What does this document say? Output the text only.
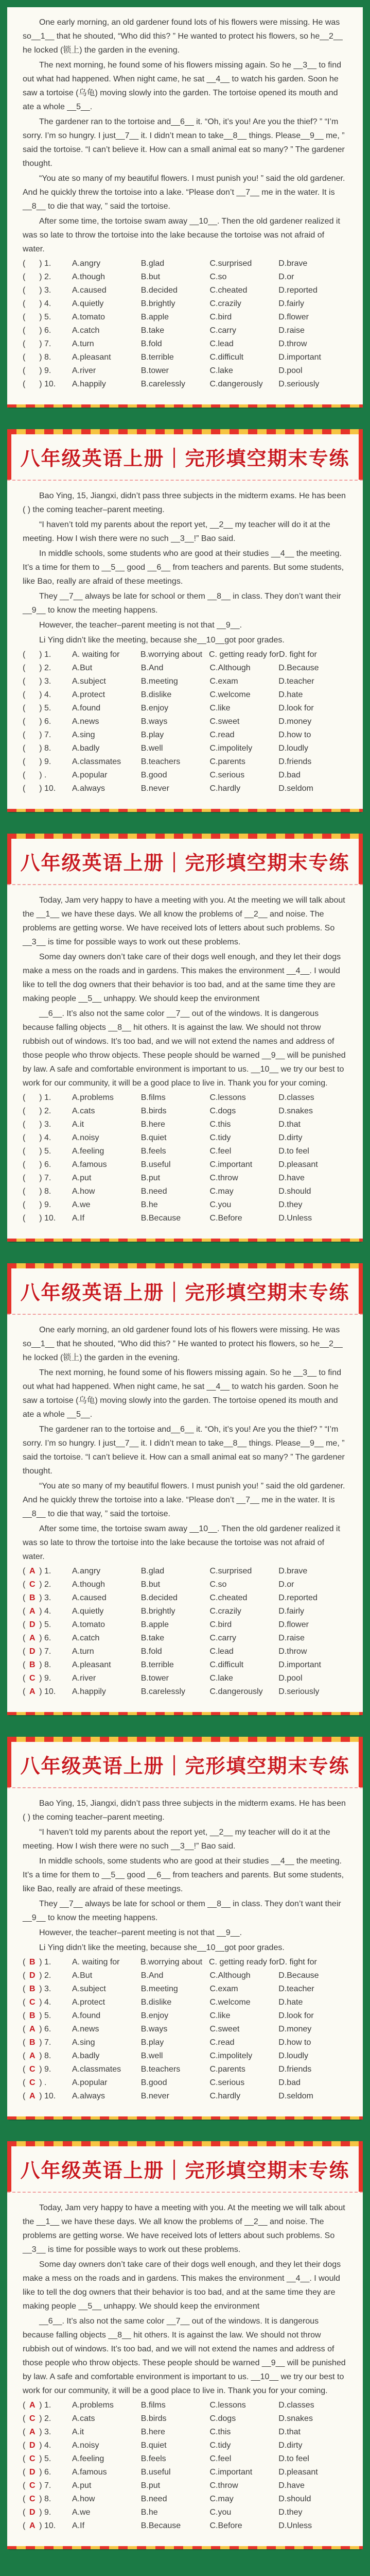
One early morning, an old gardener found lots of his flowers were missing. He was so__1__ that he shouted, “Who did this? ” He wanted to protect his flowers, so he__2__ he locked (锁上) the garden in the evening.

The next morning, he found some of his flowers missing again. So he __3__ to find out what had happened. When night came, he sat __4__ to watch his garden. Soon he saw a tortoise (乌龟) moving slowly into the garden. The tortoise opened its mouth and ate a whole __5__.

The gardener ran to the tortoise and__6__ it. “Oh, it’s you! Are you the thief? ” “I’m sorry. I’m so hungry. I just__7__ it. I didn’t mean to take__8__ things. Please__9__ me, ” said the tortoise. “I can’t believe it. How can a small animal eat so many? ” The gardener thought.

“You ate so many of my beautiful flowers. I must punish you! ” said the old gardener. And he quickly threw the tortoise into a lake. “Please don’t __7__ me in the water. It is __8__ to die that way, ” said the tortoise.

After some time, the tortoise swam away __10__. Then the old gardener realized it was so late to throw the tortoise into the lake because the tortoise was not afraid of water.

(  ) 1.	A.angry	B.glad	C.surprised	D.brave
(  ) 2.	A.though	B.but	C.so	D.or
(  ) 3.	A.caused	B.decided	C.cheated	D.reported
(  ) 4.	A.quietly	B.brightly	C.crazily	D.fairly
(  ) 5.	A.tomato	B.apple	C.bird	D.flower
(  ) 6.	A.catch	B.take	C.carry	D.raise
(  ) 7.	A.turn	B.fold	C.lead	D.throw
(  ) 8.	A.pleasant	B.terrible	C.difficult	D.important
(  ) 9.	A.river	B.tower	C.lake	D.pool
(  ) 10.	A.happily	B.carelessly	C.dangerously	D.seriously
八年级英语上册｜完形填空期末专练

Bao Ying, 15, Jiangxi, didn’t pass three subjects in the midterm exams. He has been ( ) the coming teacher–parent meeting.

“I haven’t told my parents about the report yet, __2__ my teacher will do it at the meeting. How I wish there were no such __3__!” Bao said.

In middle schools, some students who are good at their studies __4__ the meeting. It’s a time for them to __5__ good __6__ from teachers and parents. But some students, like Bao, really are afraid of these meetings.

They __7__ always be late for school or them __8__ in class. They don’t want their __9__ to know the meeting happens.

However, the teacher–parent meeting is not that __9__.

Li Ying didn’t like the meeting, because she__10__got poor grades.

(  ) 1.	A. waiting for	B.worrying about C. getting ready for D. fight for
(  ) 2.	A.But	B.And	C.Although	D.Because
(  ) 3.	A.subject	B.meeting	C.exam	D.teacher
(  ) 4.	A.protect	B.dislike	C.welcome	D.hate
(  ) 5.	A.found	B.enjoy	C.like	D.look for
(  ) 6.	A.news	B.ways	C.sweet	D.money
(  ) 7.	A.sing	B.play	C.read	D.how to
(  ) 8.	A.badly	B.well	C.impolitely	D.loudly
(  ) 9.	A.classmates	B.teachers	C.parents	D.friends
(  ) .	A.popular	B.good	C.serious	D.bad
(  ) 10.	A.always	B.never	C.hardly	D.seldom
八年级英语上册｜完形填空期末专练

Today, Jam very happy to have a meeting with you. At the meeting we will talk about the __1__ we have these days. We all know the problems of __2__ and noise. The problems are getting worse. We have received lots of letters about such problems. So __3__ is time for possible ways to work out these problems.

Some day owners don’t take care of their dogs well enough, and they let their dogs make a mess on the roads and in gardens. This makes the environment __4__. I would like to tell the dog owners that their behavior is too bad, and at the same time they are making people __5__ unhappy. We should keep the environment

__6__. It’s also not the same color __7__ out of the windows. It is dangerous because falling objects __8__ hit others. It is against the law. We should not throw rubbish out of windows. It’s too bad, and we will not extend the names and address of those people who throw objects. These people should be warned __9__ will be punished by law. A safe and comfortable environment is important to us. __10__ we try our best to work for our community, it will be a good place to live in. Thank you for your coming.

(  ) 1.	A.problems	B.films	C.lessons	D.classes
(  ) 2.	A.cats	B.birds	C.dogs	D.snakes
(  ) 3.	A.it	B.here	C.this	D.that
(  ) 4.	A.noisy	B.quiet	C.tidy	D.dirty
(  ) 5.	A.feeling	B.feels	C.feel	D.to feel
(  ) 6.	A.famous	B.useful	C.important	D.pleasant
(  ) 7.	A.put	B.put	C.throw	D.have
(  ) 8.	A.how	B.need	C.may	D.should
(  ) 9.	A.we	B.he	C.you	D.they
(  ) 10.	A.If	B.Because	C.Before	D.Unless
八年级英语上册｜完形填空期末专练

One early morning, an old gardener found lots of his flowers were missing. He was so__1__ that he shouted, “Who did this? ” He wanted to protect his flowers, so he__2__ he locked (锁上) the garden in the evening.

The next morning, he found some of his flowers missing again. So he __3__ to find out what had happened. When night came, he sat __4__ to watch his garden. Soon he saw a tortoise (乌龟) moving slowly into the garden. The tortoise opened its mouth and ate a whole __5__.

The gardener ran to the tortoise and__6__ it. “Oh, it’s you! Are you the thief? ” “I’m sorry. I’m so hungry. I just__7__ it. I didn’t mean to take__8__ things. Please__9__ me, ” said the tortoise. “I can’t believe it. How can a small animal eat so many? ” The gardener thought.

“You ate so many of my beautiful flowers. I must punish you! ” said the old gardener. And he quickly threw the tortoise into a lake. “Please don’t __7__ me in the water. It is __8__ to die that way, ” said the tortoise.

After some time, the tortoise swam away __10__. Then the old gardener realized it was so late to throw the tortoise into the lake because the tortoise was not afraid of water.

( A ) 1.	A.angry	B.glad	C.surprised	D.brave
( C ) 2.	A.though	B.but	C.so	D.or
( B ) 3.	A.caused	B.decided	C.cheated	D.reported
( A ) 4.	A.quietly	B.brightly	C.crazily	D.fairly
( D ) 5.	A.tomato	B.apple	C.bird	D.flower
( A ) 6.	A.catch	B.take	C.carry	D.raise
( D ) 7.	A.turn	B.fold	C.lead	D.throw
( B ) 8.	A.pleasant	B.terrible	C.difficult	D.important
( C ) 9.	A.river	B.tower	C.lake	D.pool
( A ) 10.	A.happily	B.carelessly	C.dangerously	D.seriously
八年级英语上册｜完形填空期末专练

Bao Ying, 15, Jiangxi, didn’t pass three subjects in the midterm exams. He has been ( ) the coming teacher–parent meeting.

“I haven’t told my parents about the report yet, __2__ my teacher will do it at the meeting. How I wish there were no such __3__!” Bao said.

In middle schools, some students who are good at their studies __4__ the meeting. It’s a time for them to __5__ good __6__ from teachers and parents. But some students, like Bao, really are afraid of these meetings.

They __7__ always be late for school or them __8__ in class. They don’t want their __9__ to know the meeting happens.

However, the teacher–parent meeting is not that __9__.

Li Ying didn’t like the meeting, because she__10__got poor grades.

( B ) 1.	A. waiting for	B.worrying about C. getting ready for D. fight for
( D ) 2.	A.But	B.And	C.Although	D.Because
( B ) 3.	A.subject	B.meeting	C.exam	D.teacher
( C ) 4.	A.protect	B.dislike	C.welcome	D.hate
( B ) 5.	A.found	B.enjoy	C.like	D.look for
( A ) 6.	A.news	B.ways	C.sweet	D.money
( B ) 7.	A.sing	B.play	C.read	D.how to
( A ) 8.	A.badly	B.well	C.impolitely	D.loudly
( C ) 9.	A.classmates	B.teachers	C.parents	D.friends
( C ) .	A.popular	B.good	C.serious	D.bad
( A ) 10.	A.always	B.never	C.hardly	D.seldom
八年级英语上册｜完形填空期末专练

Today, Jam very happy to have a meeting with you. At the meeting we will talk about the __1__ we have these days. We all know the problems of __2__ and noise. The problems are getting worse. We have received lots of letters about such problems. So __3__ is time for possible ways to work out these problems.

Some day owners don’t take care of their dogs well enough, and they let their dogs make a mess on the roads and in gardens. This makes the environment __4__. I would like to tell the dog owners that their behavior is too bad, and at the same time they are making people __5__ unhappy. We should keep the environment

__6__. It’s also not the same color __7__ out of the windows. It is dangerous because falling objects __8__ hit others. It is against the law. We should not throw rubbish out of windows. It’s too bad, and we will not extend the names and address of those people who throw objects. These people should be warned __9__ will be punished by law. A safe and comfortable environment is important to us. __10__ we try our best to work for our community, it will be a good place to live in. Thank you for your coming.

( A ) 1.	A.problems	B.films	C.lessons	D.classes
( C ) 2.	A.cats	B.birds	C.dogs	D.snakes
( A ) 3.	A.it	B.here	C.this	D.that
( D ) 4.	A.noisy	B.quiet	C.tidy	D.dirty
( C ) 5.	A.feeling	B.feels	C.feel	D.to feel
( D ) 6.	A.famous	B.useful	C.important	D.pleasant
( C ) 7.	A.put	B.put	C.throw	D.have
( C ) 8.	A.how	B.need	C.may	D.should
( D ) 9.	A.we	B.he	C.you	D.they
( A ) 10.	A.If	B.Because	C.Before	D.Unless
